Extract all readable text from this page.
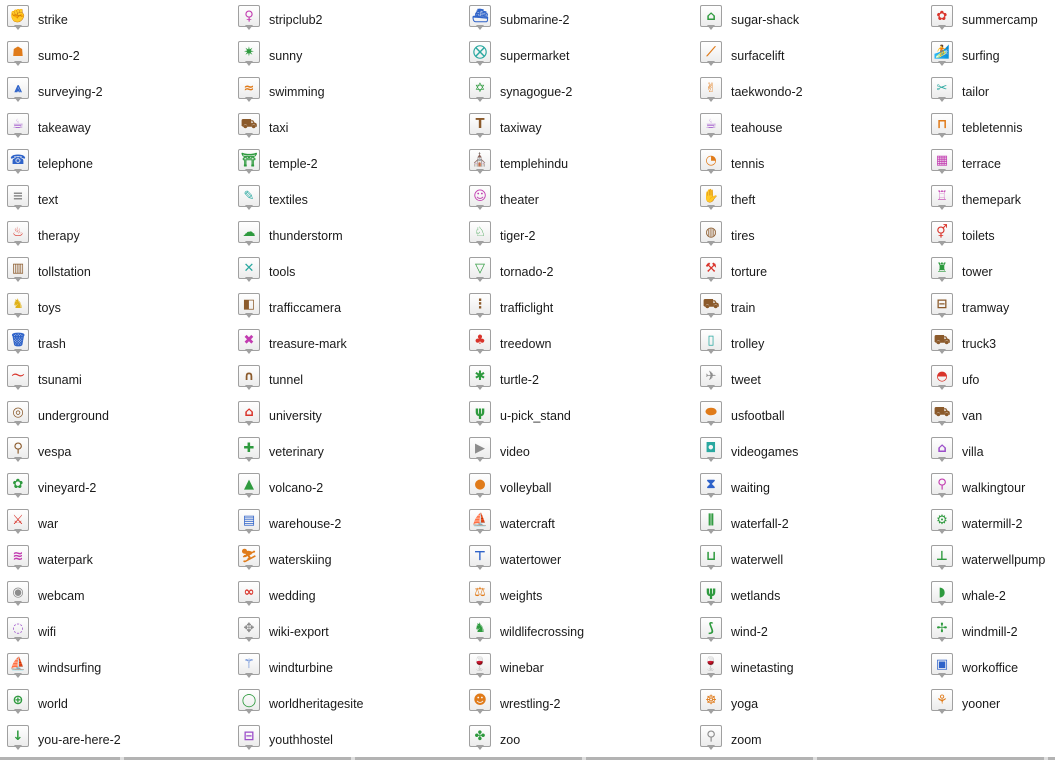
✊ strike
☗	sumo-2
⩓	surveying-2
☕	takeaway
☎ telephone
≡	text
♨	therapy
▥	tollstation
♞	toys
🗑 trash
〜 tsunami
◎	underground
⚲	vespa
✿	vineyard-2
⚔	war
≋	waterpark
◉	webcam
◌	wifi
⛵ windsurfing
⊕	world
↓	you-are-here-2
♀	stripclub2
✷	sunny
≈	swimming
⛟ taxi
⛩ temple-2
✎	textiles
☁ thunderstorm
✕	tools
◧	trafficcamera
✖	treasure-mark
∩	tunnel
⌂	university
✚	veterinary
▲	volcano-2
▤	warehouse-2
⛷ waterskiing
∞	wedding
✥	wiki-export
⚚	windturbine
◯ worldheritagesite
⊟	youthhostel
⛴ submarine-2
⛒ supermarket
✡	synagogue-2
T	taxiway
⛪ templehindu
☺ theater
♘	tiger-2
▽	tornado-2
⋮ trafficlight
♣	treedown
✱	turtle-2
ψ	u-pick_stand
▶	video
●	volleyball
⛵ watercraft
⊤	watertower
⚖	weights
♞	wildlifecrossing
🍷 winebar
☻ wrestling-2
✤	zoo
⌂	sugar-shack
⟋	surfacelift
✌	taekwondo-2
☕	teahouse
◔	tennis
✋ theft
◍	tires
⚒	torture
⛟ train
▯	trolley
✈	tweet
⬬	usfootball
◘	videogames
⧗	waiting
⫼	waterfall-2
⊔	waterwell
ψ	wetlands
⟆	wind-2
🍷 winetasting
☸	yoga
⚲	zoom
✿	summercamp
🏄 surfing
✂	tailor
⊓	tebletennis
▦	terrace
♖	themepark
⚥	toilets
♜	tower
⊟	tramway
⛟ truck3
◓	ufo
⛟ van
⌂	villa
⚲	walkingtour
⚙	watermill-2
⊥	waterwellpump
◗	whale-2
✢	windmill-2
▣	workoffice
⚘	yooner
